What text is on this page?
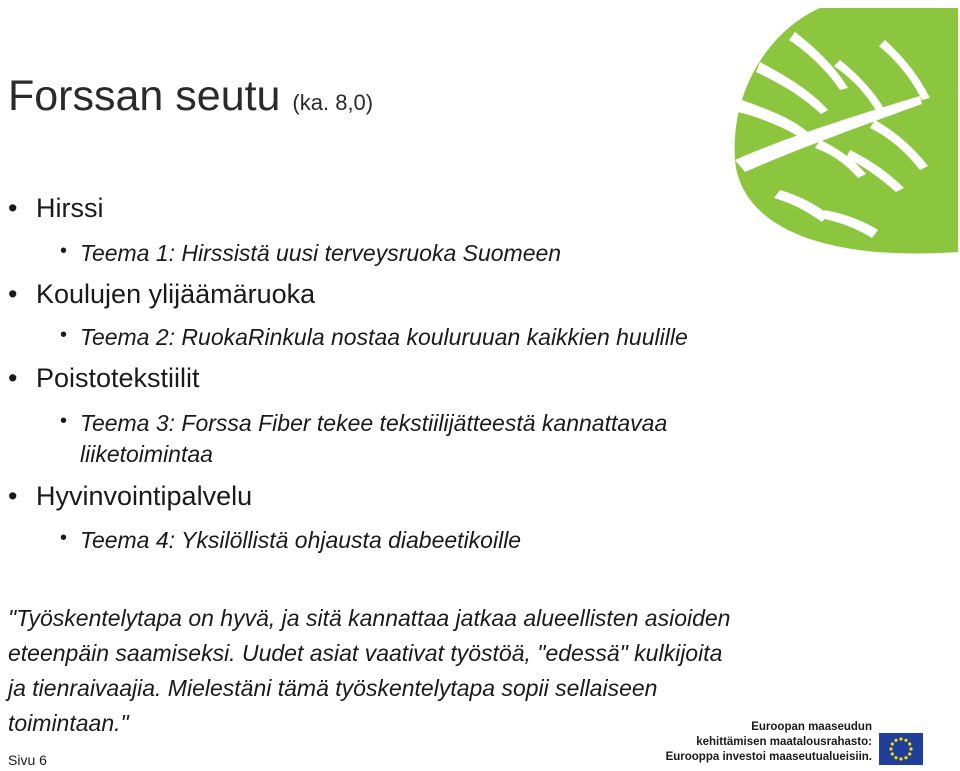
Forssan seutu (ka. 8,0)
• Hirssi
• Teema 1: Hirssistä uusi terveysruoka Suomeen
• Koulujen ylijäämäruoka
• Teema 2: RuokaRinkula nostaa kouluruuan kaikkien huulille
• Poistotekstiilit
• Teema 3: Forssa Fiber tekee tekstiilijätteestä kannattavaa
liiketoimintaa
• Hyvinvointipalvelu
• Teema 4: Yksilöllistä ohjausta diabeetikoille
"Työskentelytapa on hyvä, ja sitä kannattaa jatkaa alueellisten asioiden
eteenpäin saamiseksi. Uudet asiat vaativat työstöä, "edessä" kulkijoita
ja tienraivaajia. Mielestäni tämä työskentelytapa sopii sellaiseen
toimintaan."
Sivu 6
Euroopan maaseudun
kehittämisen maatalousrahasto:
Eurooppa investoi maaseutualueisiin.
